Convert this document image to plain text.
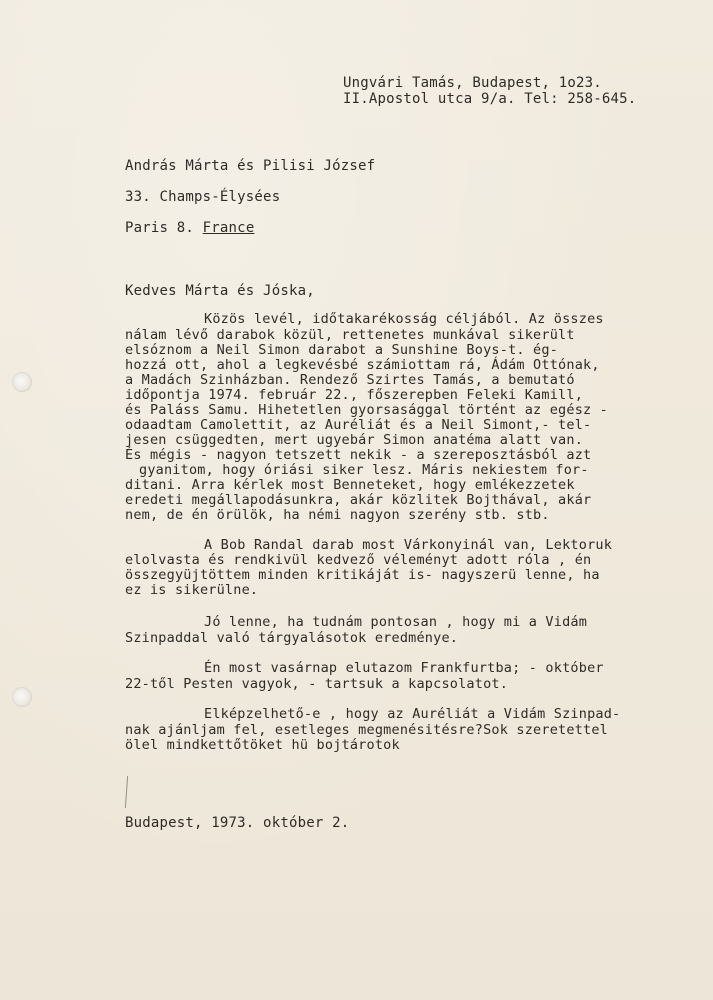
Ungvári Tamás, Budapest, 1o23.
II.Apostol utca 9/a. Tel: 258-645.
András Márta és Pilisi József
33. Champs-Élysées
Paris 8. France
Kedves Márta és Jóska,
Közös levél, időtakarékosság céljából. Az összes
nálam lévő darabok közül, rettenetes munkával sikerült
elsóznom a Neil Simon darabot a Sunshine Boys-t. ég-
hozzá ott, ahol a legkevésbé számiottam rá, Ádám Ottónak,
a Madách Szinházban. Rendező Szirtes Tamás, a bemutató
időpontja 1974. február 22., főszerepben Feleki Kamill,
és Paláss Samu. Hihetetlen gyorsasággal történt az egész -
odaadtam Camolettit, az Auréliát és a Neil Simont,- tel-
jesen csüggedten, mert ugyebár Simon anatéma alatt van.
És mégis - nagyon tetszett nekik - a szereposztásból azt
gyanitom, hogy óriási siker lesz. Máris nekiestem for-
ditani. Arra kérlek most Benneteket, hogy emlékezzetek
eredeti megállapodásunkra, akár közlitek Bojthával, akár
nem, de én örülök, ha némi nagyon szerény stb. stb.
A Bob Randal darab most Várkonyinál van, Lektoruk
elolvasta és rendkivül kedvező véleményt adott róla , én
összegyüjtöttem minden kritikáját is- nagyszerü lenne, ha
ez is sikerülne.
Jó lenne, ha tudnám pontosan , hogy mi a Vidám
Szinpaddal való tárgyalásotok eredménye.
Én most vasárnap elutazom Frankfurtba; - október
22-től Pesten vagyok, - tartsuk a kapcsolatot.
Elképzelhető-e , hogy az Auréliát a Vidám Szinpad-
nak ajánljam fel, esetleges megmenésitésre?Sok szeretettel
ölel mindkettőtöket hü bojtárotok
Budapest, 1973. október 2.
